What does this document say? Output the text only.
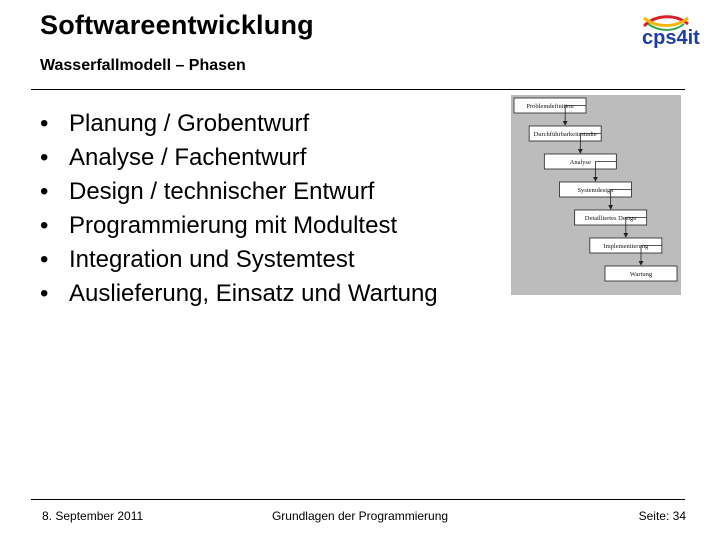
Softwareentwicklung
Wasserfallmodell – Phasen
cps4it
• Planung / Grobentwurf
• Analyse / Fachentwurf
• Design / technischer Entwurf
• Programmierung mit Modultest
• Integration und Systemtest
• Auslieferung, Einsatz und Wartung
Problemdefinition
Durchführbarkeitsstudie
Analyse
Systemdesign
Detailliertes Design
Implementierung
Wartung
8. September 2011	Grundlagen der Programmierung	Seite: 34
